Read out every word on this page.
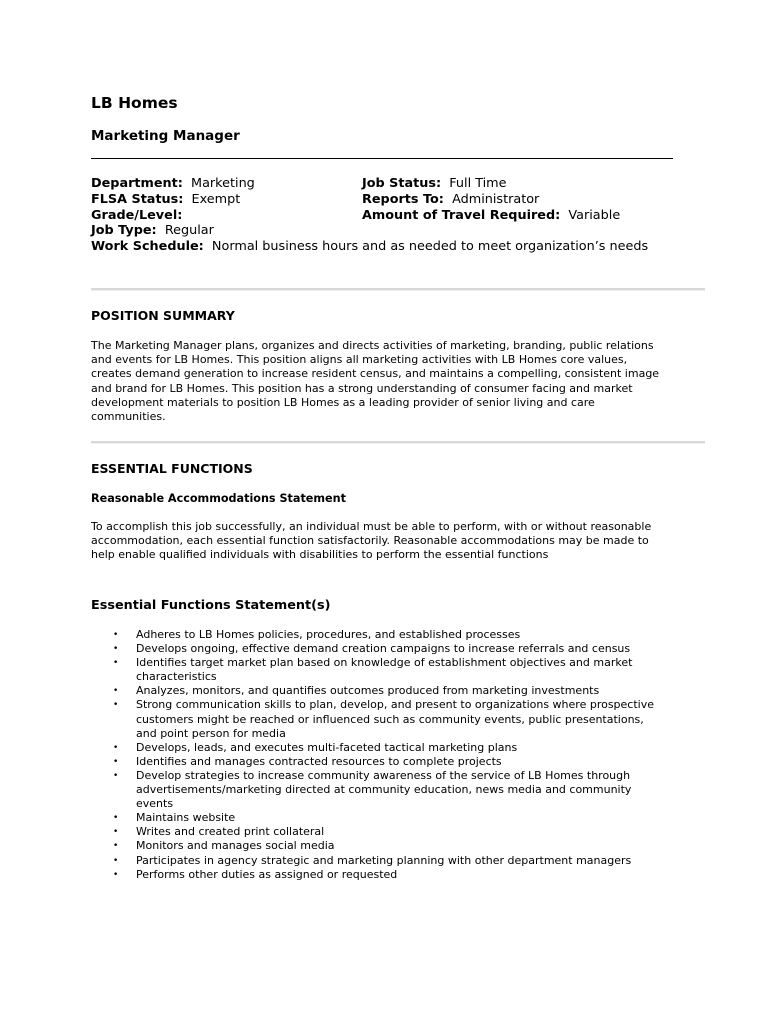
LB Homes
Marketing Manager
Department: Marketing	Job Status: Full Time
FLSA Status: Exempt	Reports To: Administrator
Grade/Level:	Amount of Travel Required: Variable
Job Type: Regular
Work Schedule: Normal business hours and as needed to meet organization’s needs
POSITION SUMMARY
The Marketing Manager plans, organizes and directs activities of marketing, branding, public relations
and events for LB Homes. This position aligns all marketing activities with LB Homes core values,
creates demand generation to increase resident census, and maintains a compelling, consistent image
and brand for LB Homes. This position has a strong understanding of consumer facing and market
development materials to position LB Homes as a leading provider of senior living and care
communities.
ESSENTIAL FUNCTIONS
Reasonable Accommodations Statement
To accomplish this job successfully, an individual must be able to perform, with or without reasonable
accommodation, each essential function satisfactorily. Reasonable accommodations may be made to
help enable qualified individuals with disabilities to perform the essential functions
Essential Functions Statement(s)
• Adheres to LB Homes policies, procedures, and established processes
• Develops ongoing, effective demand creation campaigns to increase referrals and census
• Identifies target market plan based on knowledge of establishment objectives and market
characteristics
• Analyzes, monitors, and quantifies outcomes produced from marketing investments
• Strong communication skills to plan, develop, and present to organizations where prospective
customers might be reached or influenced such as community events, public presentations,
and point person for media
• Develops, leads, and executes multi-faceted tactical marketing plans
• Identifies and manages contracted resources to complete projects
• Develop strategies to increase community awareness of the service of LB Homes through
advertisements/marketing directed at community education, news media and community
events
• Maintains website
• Writes and created print collateral
• Monitors and manages social media
• Participates in agency strategic and marketing planning with other department managers
• Performs other duties as assigned or requested
